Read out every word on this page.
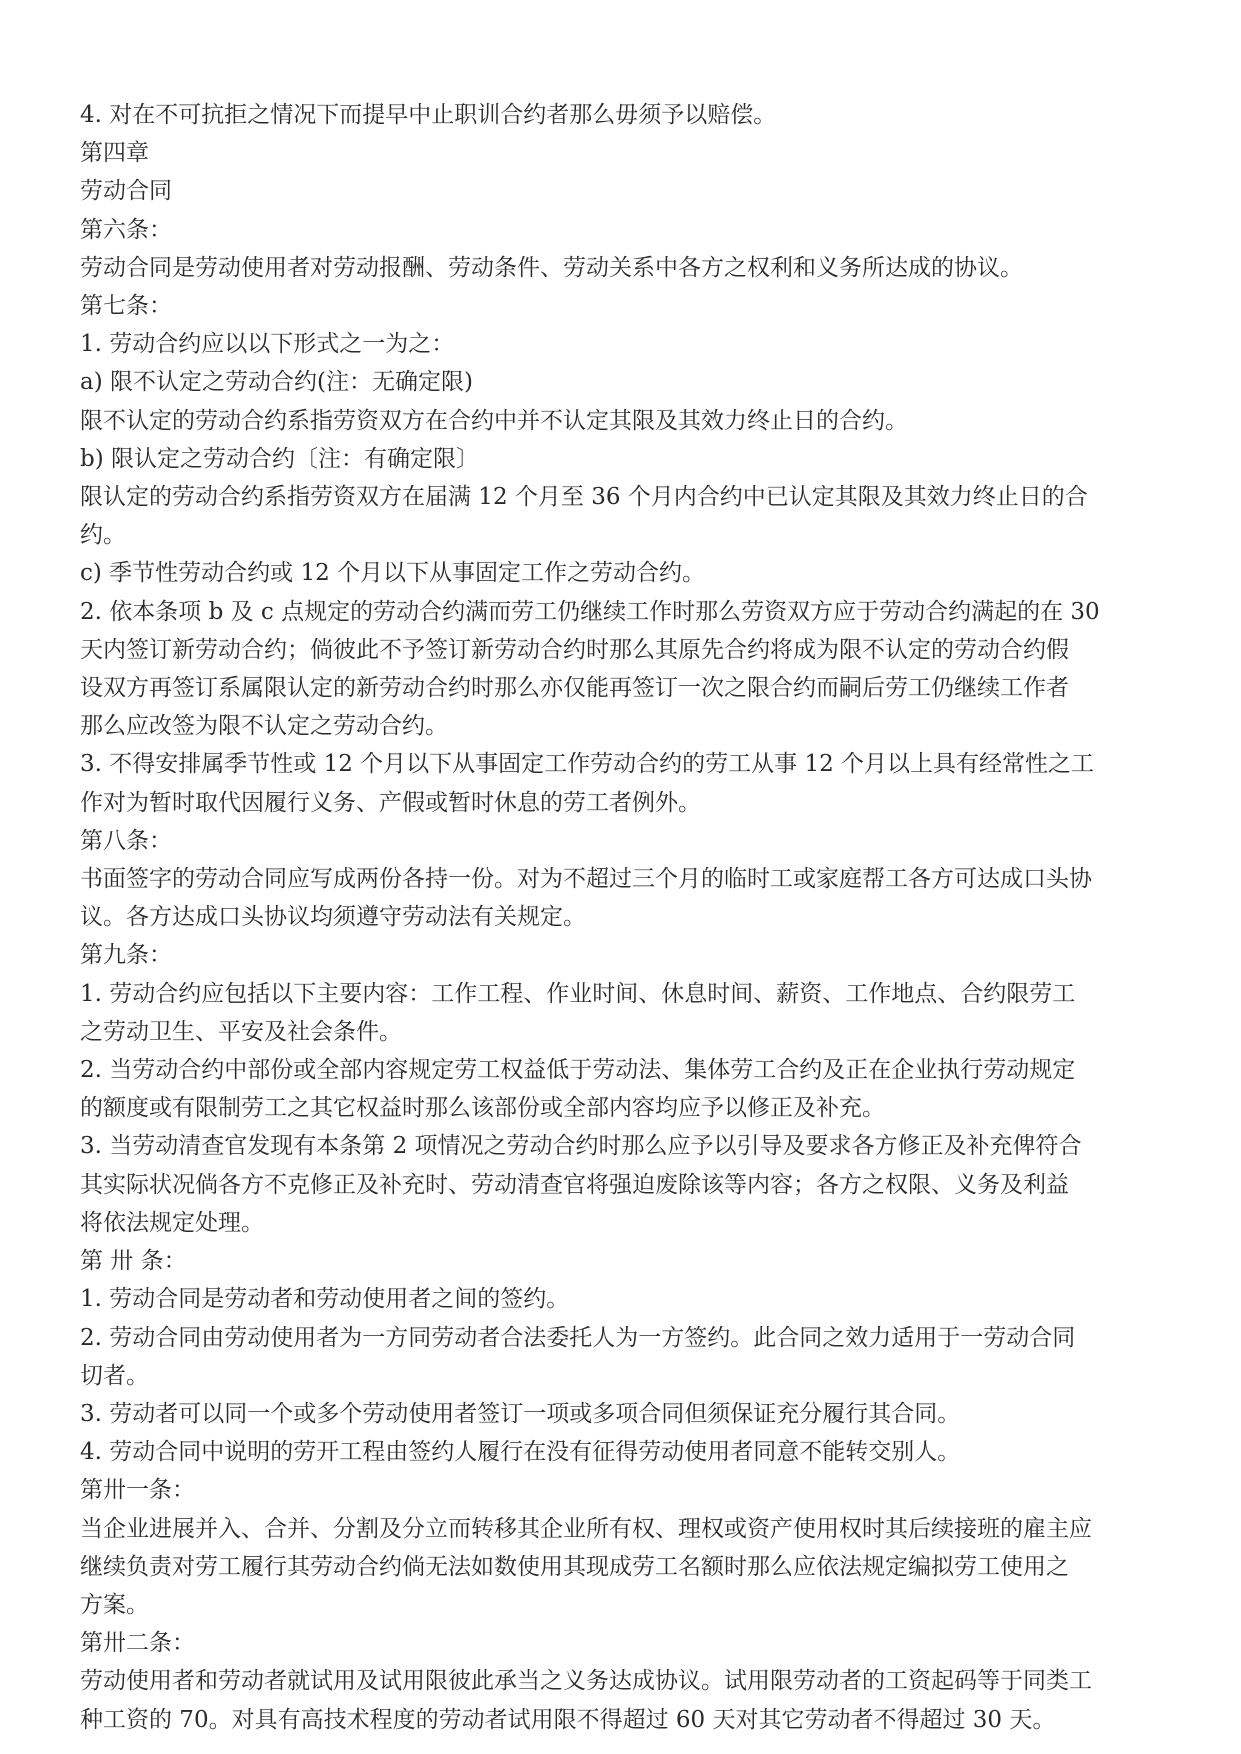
4. 对在不可抗拒之情况下而提早中止职训合约者那么毋须予以赔偿。
第四章
劳动合同
第六条：
劳动合同是劳动使用者对劳动报酬、劳动条件、劳动关系中各方之权利和义务所达成的协议。
第七条：
1. 劳动合约应以以下形式之一为之：
a) 限不认定之劳动合约(注：无确定限)
限不认定的劳动合约系指劳资双方在合约中并不认定其限及其效力终止日的合约。
b) 限认定之劳动合约〔注：有确定限〕
限认定的劳动合约系指劳资双方在届满 12 个月至 36 个月内合约中已认定其限及其效力终止日的合
约。
c) 季节性劳动合约或 12 个月以下从事固定工作之劳动合约。
2. 依本条项 b 及 c 点规定的劳动合约满而劳工仍继续工作时那么劳资双方应于劳动合约满起的在 30
天内签订新劳动合约；倘彼此不予签订新劳动合约时那么其原先合约将成为限不认定的劳动合约假
设双方再签订系属限认定的新劳动合约时那么亦仅能再签订一次之限合约而嗣后劳工仍继续工作者
那么应改签为限不认定之劳动合约。
3. 不得安排属季节性或 12 个月以下从事固定工作劳动合约的劳工从事 12 个月以上具有经常性之工
作对为暂时取代因履行义务、产假或暂时休息的劳工者例外。
第八条：
书面签字的劳动合同应写成两份各持一份。对为不超过三个月的临时工或家庭帮工各方可达成口头协
议。各方达成口头协议均须遵守劳动法有关规定。
第九条：
1. 劳动合约应包括以下主要内容：工作工程、作业时间、休息时间、薪资、工作地点、合约限劳工
之劳动卫生、平安及社会条件。
2. 当劳动合约中部份或全部内容规定劳工权益低于劳动法、集体劳工合约及正在企业执行劳动规定
的额度或有限制劳工之其它权益时那么该部份或全部内容均应予以修正及补充。
3. 当劳动清查官发现有本条第 2 项情况之劳动合约时那么应予以引导及要求各方修正及补充俾符合
其实际状况倘各方不克修正及补充时、劳动清查官将强迫废除该等内容；各方之权限、义务及利益
将依法规定处理。
第 卅 条：
1. 劳动合同是劳动者和劳动使用者之间的签约。
2. 劳动合同由劳动使用者为一方同劳动者合法委托人为一方签约。此合同之效力适用于一劳动合同
切者。
3. 劳动者可以同一个或多个劳动使用者签订一项或多项合同但须保证充分履行其合同。
4. 劳动合同中说明的劳开工程由签约人履行在没有征得劳动使用者同意不能转交别人。
第卅一条：
当企业进展并入、合并、分割及分立而转移其企业所有权、理权或资产使用权时其后续接班的雇主应
继续负责对劳工履行其劳动合约倘无法如数使用其现成劳工名额时那么应依法规定编拟劳工使用之
方案。
第卅二条：
劳动使用者和劳动者就试用及试用限彼此承当之义务达成协议。试用限劳动者的工资起码等于同类工
种工资的 70。对具有高技术程度的劳动者试用限不得超过 60 天对其它劳动者不得超过 30 天。
